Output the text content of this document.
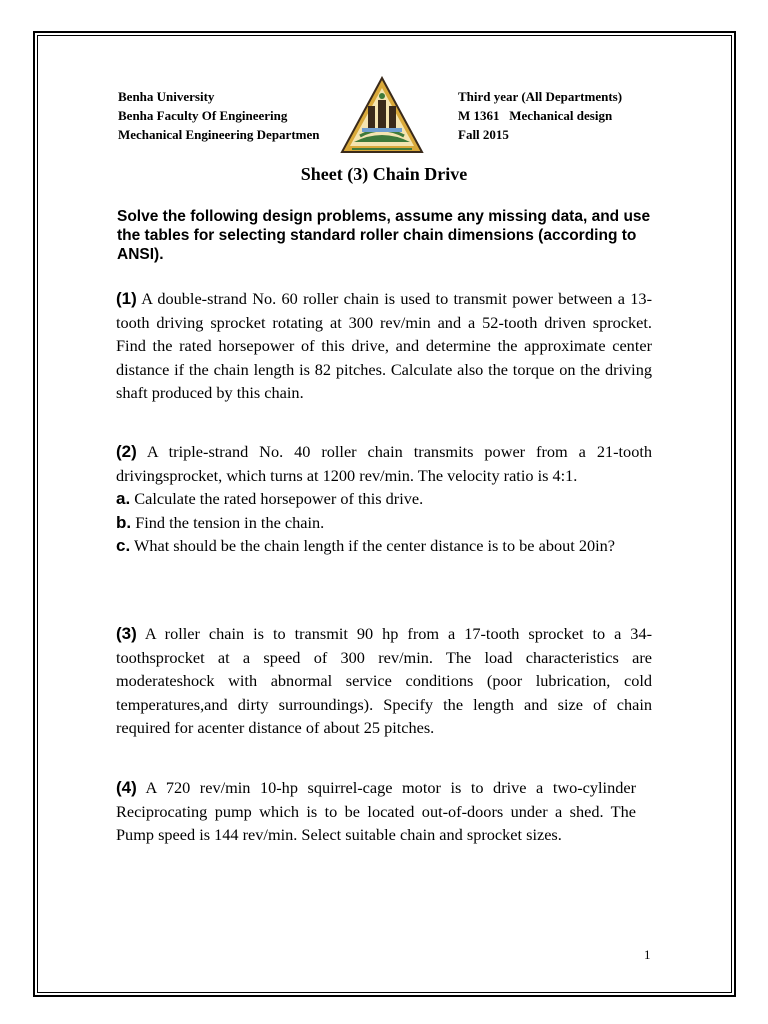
Benha University
Benha Faculty Of Engineering
Mechanical Engineering Departmen
Third year (All Departments)
M 1361   Mechanical design
Fall 2015
Sheet (3) Chain Drive
Solve the following design problems, assume any missing data, and use the tables for selecting standard roller chain dimensions (according to ANSI).
(1) A double-strand No. 60 roller chain is used to transmit power between a 13-tooth driving sprocket rotating at 300 rev/min and a 52-tooth driven sprocket. Find the rated horsepower of this drive, and determine the approximate center distance if the chain length is 82 pitches. Calculate also the torque on the driving shaft produced by this chain.
(2) A triple-strand No. 40 roller chain transmits power from a 21-tooth drivingsprocket, which turns at 1200 rev/min. The velocity ratio is 4:1.
a. Calculate the rated horsepower of this drive.
b. Find the tension in the chain.
c. What should be the chain length if the center distance is to be about 20in?
(3) A roller chain is to transmit 90 hp from a 17-tooth sprocket to a 34-toothsprocket at a speed of 300 rev/min. The load characteristics are moderateshock with abnormal service conditions (poor lubrication, cold temperatures,and dirty surroundings). Specify the length and size of chain required for acenter distance of about 25 pitches.
(4) A 720 rev/min 10-hp squirrel-cage motor is to drive a two-cylinder Reciprocating pump which is to be located out-of-doors under a shed. The Pump speed is 144 rev/min. Select suitable chain and sprocket sizes.
1
